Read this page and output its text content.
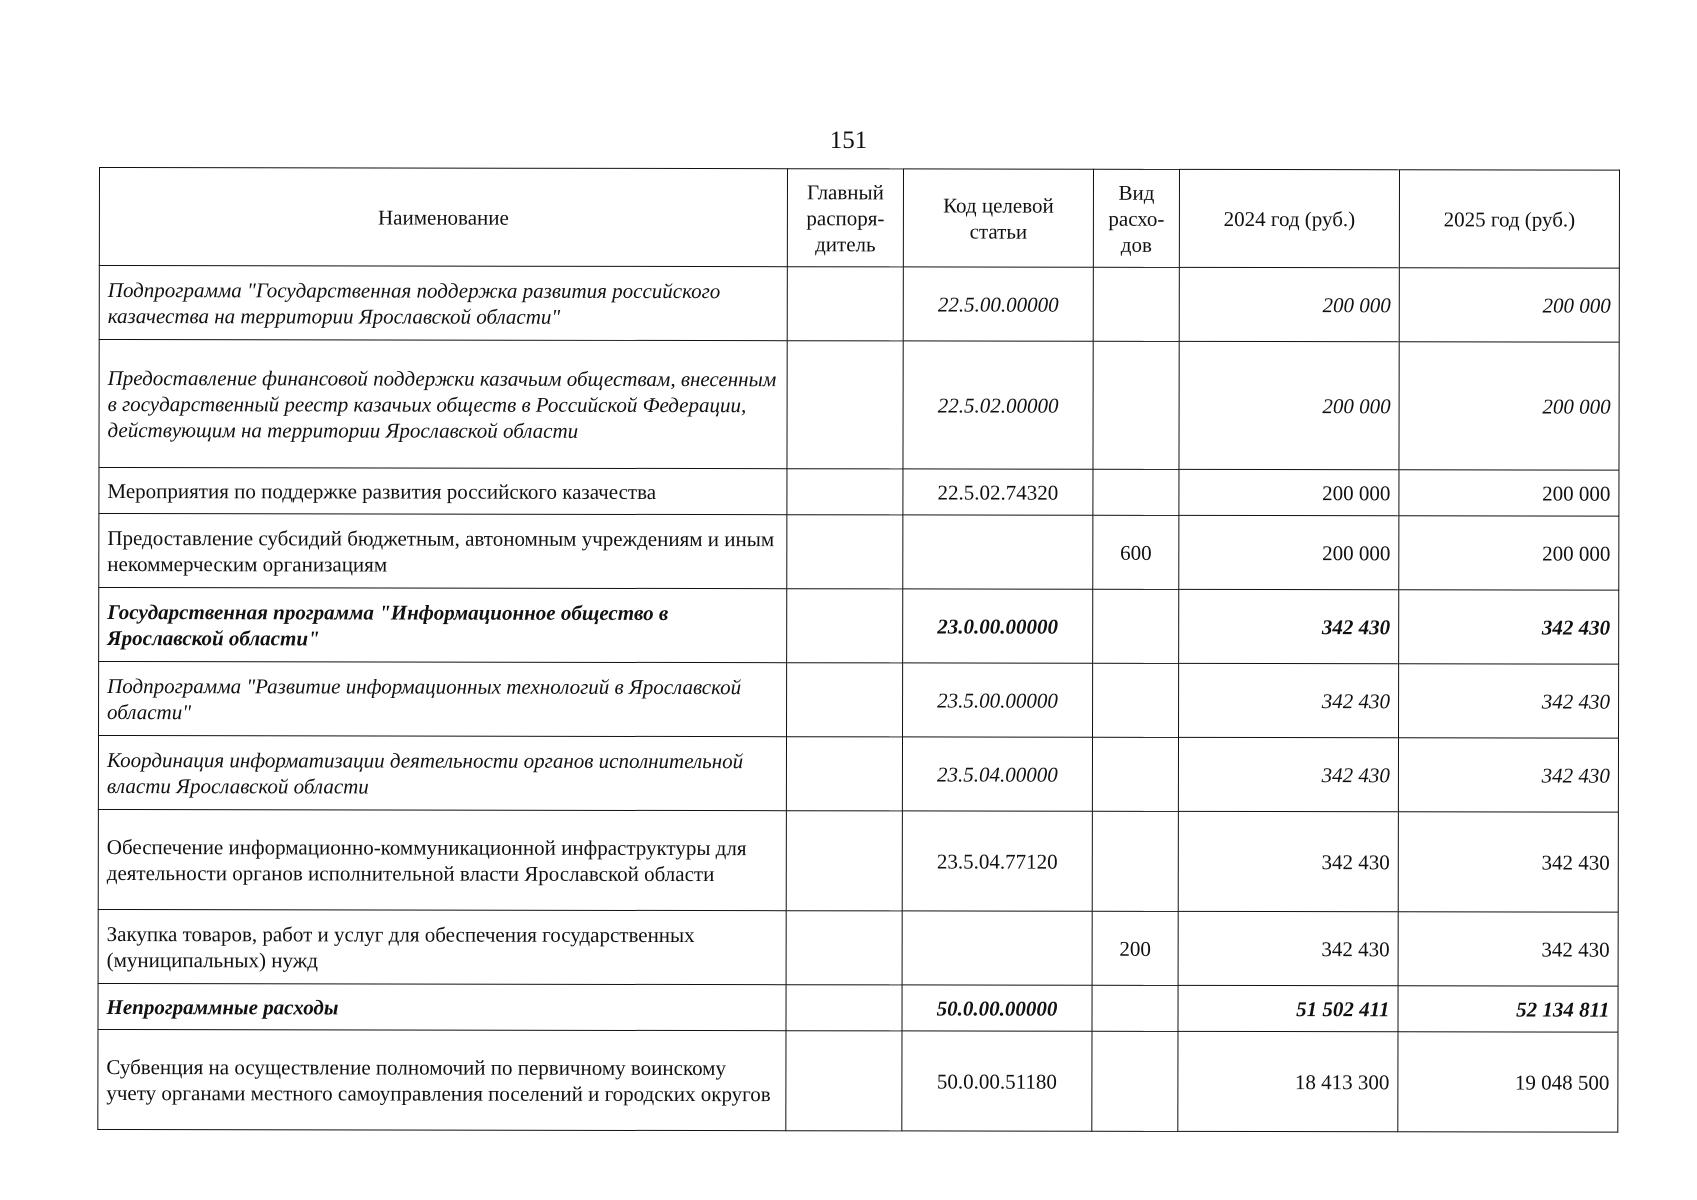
151
Наименование	Главный распоря-дитель	Код целевой статьи	Вид расхо-дов	2024 год (руб.)	2025 год (руб.)
Подпрограмма "Государственная поддержка развития российского казачества на территории Ярославской области"		22.5.00.00000		200 000	200 000
Предоставление финансовой поддержки казачьим обществам, внесенным в государственный реестр казачьих обществ в Российской Федерации, действующим на территории Ярославской области		22.5.02.00000		200 000	200 000
Мероприятия по поддержке развития российского казачества		22.5.02.74320		200 000	200 000
Предоставление субсидий бюджетным, автономным учреждениям и иным некоммерческим организациям			600	200 000	200 000
Государственная программа "Информационное общество в Ярославской области"		23.0.00.00000		342 430	342 430
Подпрограмма "Развитие информационных технологий в Ярославской области"		23.5.00.00000		342 430	342 430
Координация информатизации деятельности органов исполнительной власти Ярославской области		23.5.04.00000		342 430	342 430
Обеспечение информационно-коммуникационной инфраструктуры для деятельности органов исполнительной власти Ярославской области		23.5.04.77120		342 430	342 430
Закупка товаров, работ и услуг для обеспечения государственных (муниципальных) нужд			200	342 430	342 430
Непрограммные расходы		50.0.00.00000		51 502 411	52 134 811
Субвенция на осуществление полномочий по первичному воинскому учету органами местного самоуправления поселений и городских округов		50.0.00.51180		18 413 300	19 048 500
